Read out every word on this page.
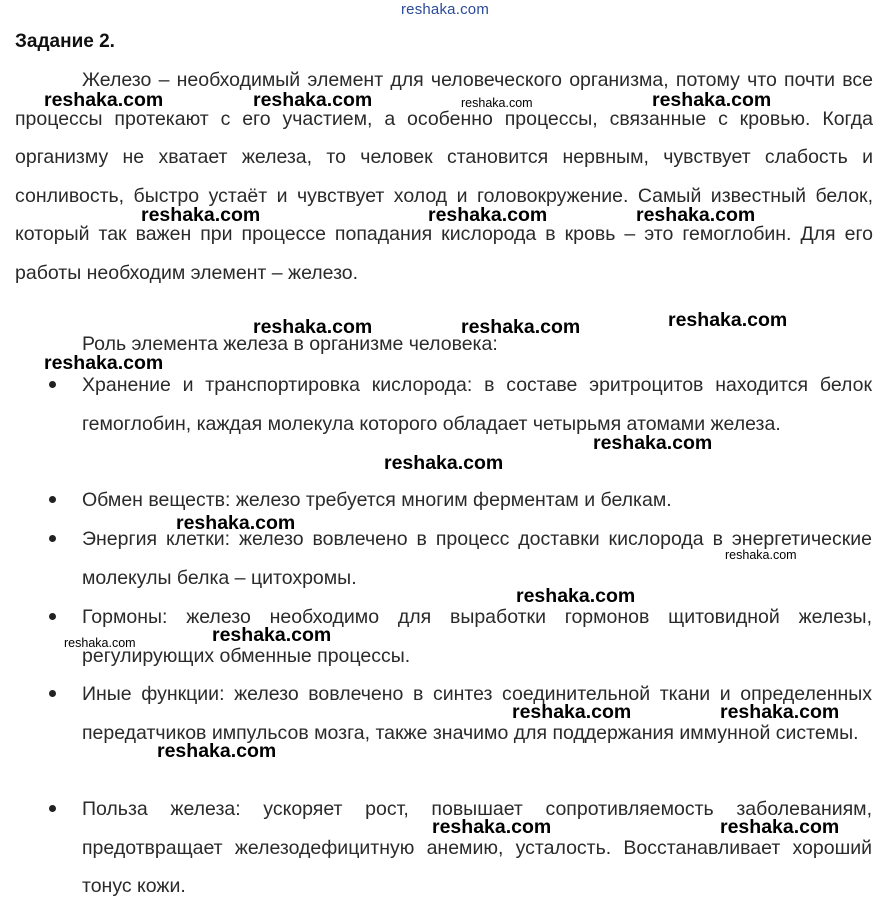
reshaka.com
Задание 2.

Железо – необходимый элемент для человеческого организма, потому что почти все процессы протекают с его участием, а особенно процессы, связанные с кровью. Когда организму не хватает железа, то человек становится нервным, чувствует слабость и сонливость, быстро устаёт и чувствует холод и головокружение. Самый известный белок, который так важен при процессе попадания кислорода в кровь – это гемоглобин. Для его работы необходим элемент – железо.

Роль элемента железа в организме человека:

Хранение и транспортировка кислорода: в составе эритроцитов находится белок гемоглобин, каждая молекула которого обладает четырьмя атомами железа.
Обмен веществ: железо требуется многим ферментам и белкам.
Энергия клетки: железо вовлечено в процесс доставки кислорода в энергетические молекулы белка – цитохромы.
Гормоны: железо необходимо для выработки гормонов щитовидной железы, регулирующих обменные процессы.
Иные функции: железо вовлечено в синтез соединительной ткани и определенных передатчиков импульсов мозга, также значимо для поддержания иммунной системы.
Польза железа: ускоряет рост, повышает сопротивляемость заболеваниям, предотвращает железодефицитную анемию, усталость. Восстанавливает хороший тонус кожи.
reshaka.com	reshaka.com	reshaka.com	reshaka.com
reshaka.com	reshaka.com	reshaka.com
reshaka.com	reshaka.com	reshaka.com
reshaka.com
reshaka.com
reshaka.com
reshaka.com
reshaka.com
reshaka.com
reshaka.com
reshaka.com
reshaka.com	reshaka.com
reshaka.com
reshaka.com	reshaka.com
